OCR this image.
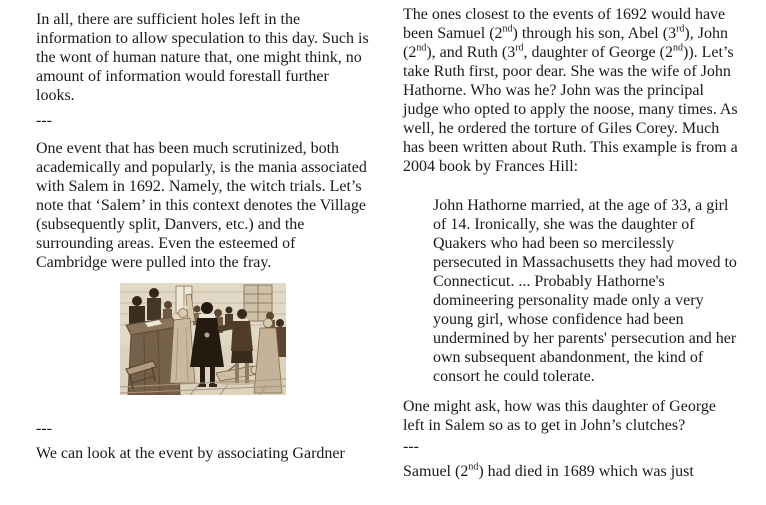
In all, there are sufficient holes left in the information to allow speculation to this day. Such is the wont of human nature that, one might think, no amount of information would forestall further looks.

---

One event that has been much scrutinized, both academically and popularly, is the mania associated with Salem in 1692. Namely, the witch trials. Let’s note that ‘Salem’ in this context denotes the Village (subsequently split, Danvers, etc.) and the surrounding areas. Even the esteemed of Cambridge were pulled into the fray.

---

We can look at the event by associating Gardner

The ones closest to the events of 1692 would have been Samuel (2nd) through his son, Abel (3rd), John (2nd), and Ruth (3rd, daughter of George (2nd)). Let’s take Ruth first, poor dear. She was the wife of John Hathorne. Who was he? John was the principal judge who opted to apply the noose, many times. As well, he ordered the torture of Giles Corey. Much has been written about Ruth. This example is from a 2004 book by Frances Hill:

John Hathorne married, at the age of 33, a girl of 14. Ironically, she was the daughter of Quakers who had been so mercilessly persecuted in Massachusetts they had moved to Connecticut. ... Probably Hathorne's domineering personality made only a very young girl, whose confidence had been undermined by her parents' persecution and her own subsequent abandonment, the kind of consort he could tolerate.

One might ask, how was this daughter of George left in Salem so as to get in John’s clutches?

---

Samuel (2nd) had died in 1689 which was just
